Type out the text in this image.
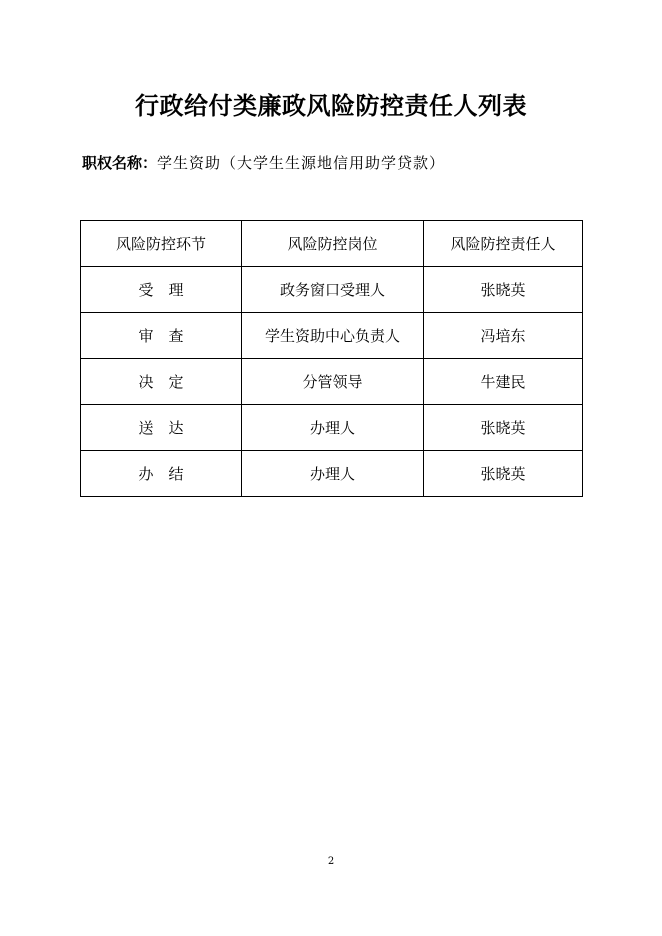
行政给付类廉政风险防控责任人列表
职权名称：学生资助（大学生生源地信用助学贷款）
风险防控环节	风险防控岗位	风险防控责任人
受　理	政务窗口受理人	张晓英
审　查	学生资助中心负责人	冯培东
决　定	分管领导	牛建民
送　达	办理人	张晓英
办　结	办理人	张晓英
2
